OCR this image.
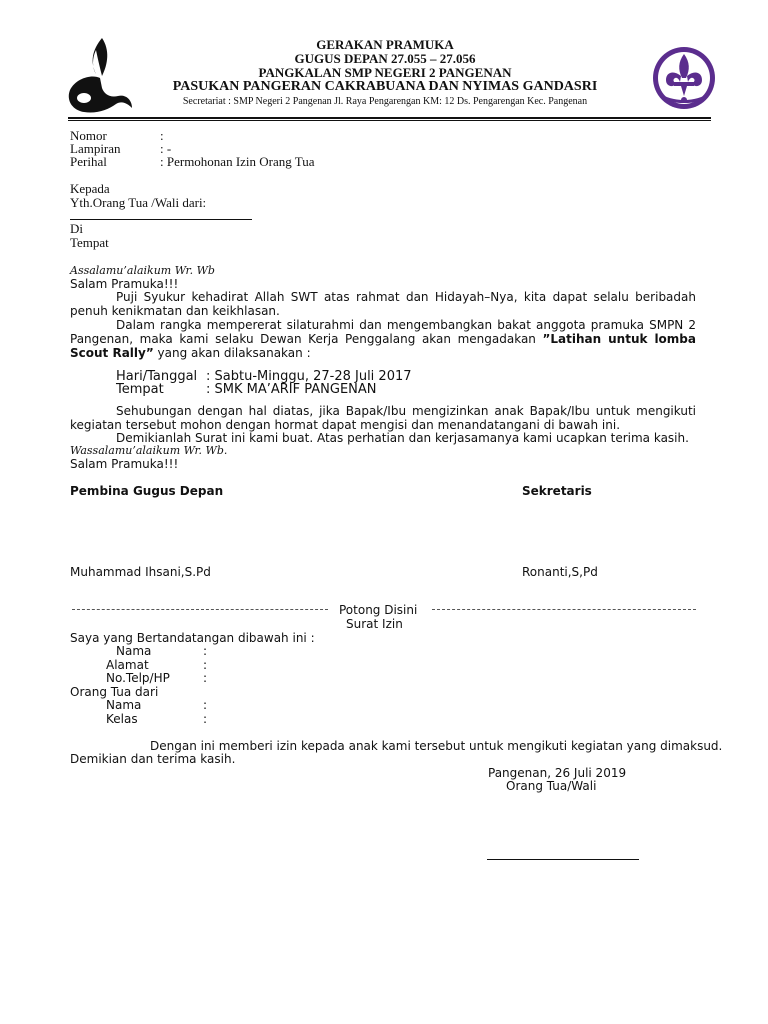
GERAKAN PRAMUKA
GUGUS DEPAN 27.055 – 27.056
PANGKALAN SMP NEGERI 2 PANGENAN
PASUKAN PANGERAN CAKRABUANA DAN NYIMAS GANDASRI
Secretariat : SMP Negeri 2 Pangenan Jl. Raya Pengarengan KM: 12 Ds. Pengarengan Kec. Pangenan
Nomor	:
Lampiran	: -
Perihal	: Permohonan Izin Orang Tua
Kepada
Yth.Orang Tua /Wali dari:
Di
Tempat
Assalamu’alaikum Wr. Wb
Salam Pramuka!!!
Puji Syukur kehadirat Allah SWT atas rahmat dan Hidayah–Nya, kita dapat selalu beribadah penuh kenikmatan dan keikhlasan.
Dalam rangka mempererat silaturahmi dan mengembangkan bakat anggota pramuka SMPN 2 Pangenan, maka kami selaku Dewan Kerja Penggalang akan mengadakan ”Latihan untuk lomba Scout Rally” yang akan dilaksanakan :
Hari/Tanggal : Sabtu-Minggu, 27-28 Juli 2017
Tempat	: SMK MA’ARIF PANGENAN
Sehubungan dengan hal diatas, jika Bapak/Ibu mengizinkan anak Bapak/Ibu untuk mengikuti kegiatan tersebut mohon dengan hormat dapat mengisi dan menandatangani di bawah ini.
Demikianlah Surat ini kami buat. Atas perhatian dan kerjasamanya kami ucapkan terima kasih.
Wassalamu’alaikum Wr. Wb.
Salam Pramuka!!!
Pembina Gugus Depan	Sekretaris
Muhammad Ihsani,S.Pd	Ronanti,S,Pd
Potong Disini
Surat Izin
Saya yang Bertandatangan dibawah ini :
Nama	:
Alamat	:
No.Telp/HP	:
Orang Tua dari
Nama	:
Kelas	:
Dengan ini memberi izin kepada anak kami tersebut untuk mengikuti kegiatan yang dimaksud.
Demikian dan terima kasih.
Pangenan, 26 Juli 2019
Orang Tua/Wali
